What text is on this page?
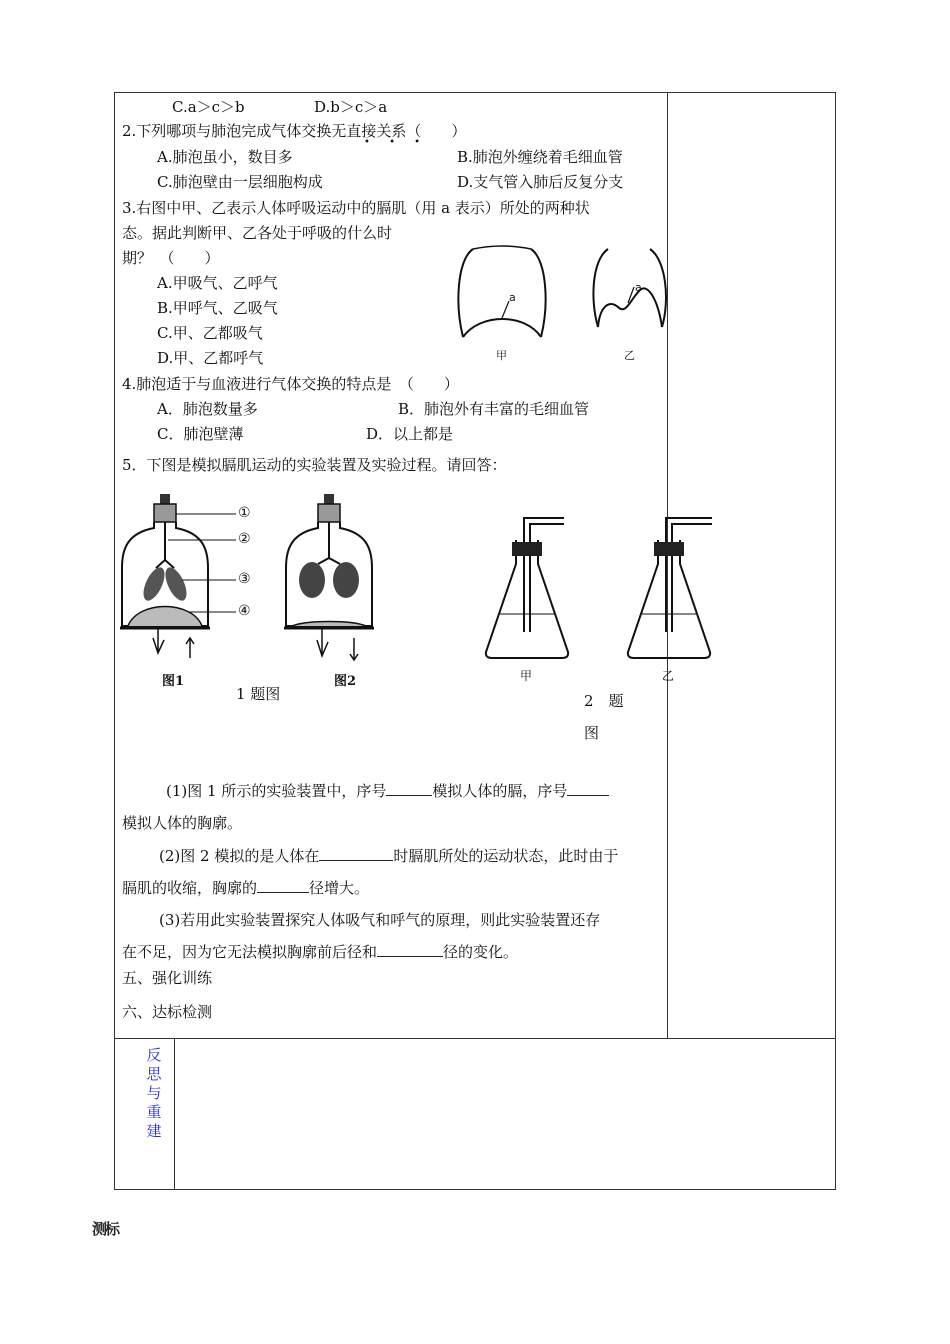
C.a＞c＞b	D.b＞c＞a
2.下列哪项与肺泡完成气体交换无直接关系（　　）
• • •
A.肺泡虽小，数目多	B.肺泡外缠绕着毛细血管
C.肺泡壁由一层细胞构成	D.支气管入肺后反复分支
3.右图中甲、乙表示人体呼吸运动中的膈肌（用 a 表示）所处的两种状
态。据此判断甲、乙各处于呼吸的什么时
期？　（　　）
A.甲吸气、乙呼气
B.甲呼气、乙吸气
C.甲、乙都吸气
D.甲、乙都呼气
a
甲
a
乙
4.肺泡适于与血液进行气体交换的特点是　（　　）
A．肺泡数量多	B．肺泡外有丰富的毛细血管
C．肺泡壁薄	D．以上都是
5．下图是模拟膈肌运动的实验装置及实验过程。请回答：
①
②
③
④
图1	图2
1 题图
甲	乙
2　题
图
(1)图 1 所示的实验装置中，序号	模拟人体的膈，序号
模拟人体的胸廓。
(2)图 2 模拟的是人体在	时膈肌所处的运动状态，此时由于
膈肌的收缩，胸廓的	径增大。
(3)若用此实验装置探究人体吸气和呼气的原理，则此实验装置还存
在不足，因为它无法模拟胸廓前后径和	径的变化。
五、强化训练
六、达标检测
反
思
与
重
建
测标
